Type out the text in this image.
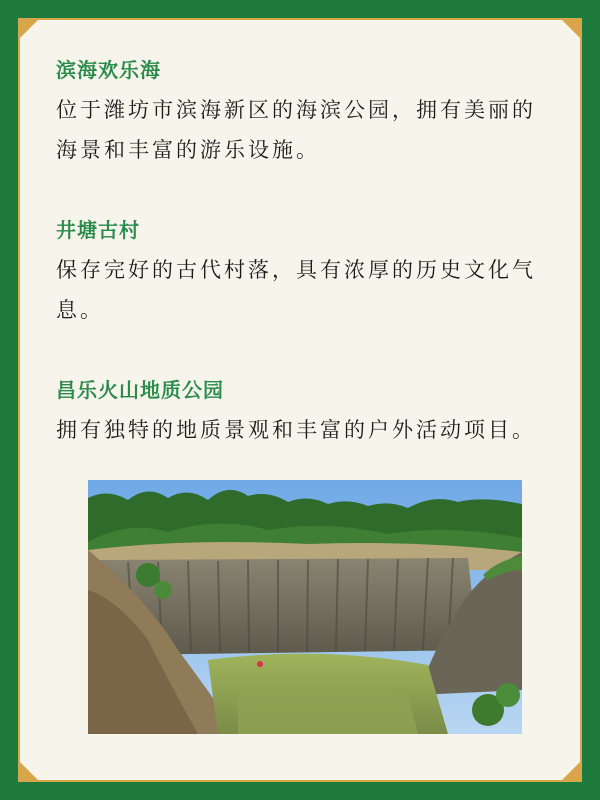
滨海欢乐海

位于潍坊市滨海新区的海滨公园，拥有美丽的海景和丰富的游乐设施。

井塘古村

保存完好的古代村落，具有浓厚的历史文化气息。

昌乐火山地质公园

拥有独特的地质景观和丰富的户外活动项目。
